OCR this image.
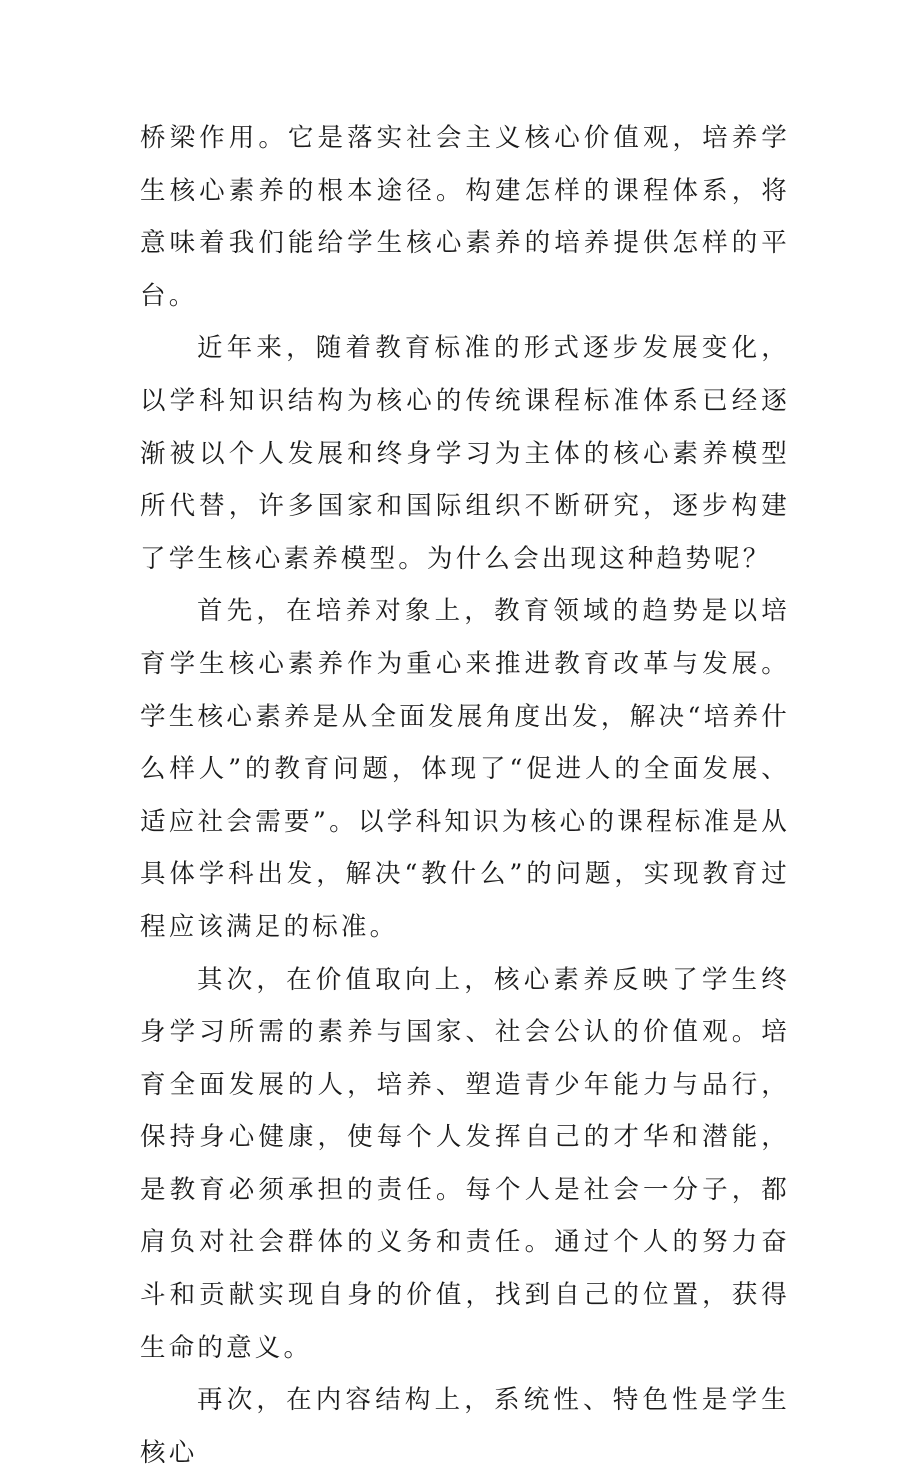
桥梁作用。它是落实社会主义核心价值观，培养学生核心素养的根本途径。构建怎样的课程体系，将意味着我们能给学生核心素养的培养提供怎样的平台。

近年来，随着教育标准的形式逐步发展变化，以学科知识结构为核心的传统课程标准体系已经逐渐被以个人发展和终身学习为主体的核心素养模型所代替，许多国家和国际组织不断研究，逐步构建了学生核心素养模型。为什么会出现这种趋势呢？

首先，在培养对象上，教育领域的趋势是以培育学生核心素养作为重心来推进教育改革与发展。学生核心素养是从全面发展角度出发，解决“培养什么样人”的教育问题，体现了“促进人的全面发展、适应社会需要”。以学科知识为核心的课程标准是从具体学科出发，解决“教什么”的问题，实现教育过程应该满足的标准。

其次，在价值取向上，核心素养反映了学生终身学习所需的素养与国家、社会公认的价值观。培育全面发展的人，培养、塑造青少年能力与品行，保持身心健康，使每个人发挥自己的才华和潜能，是教育必须承担的责任。每个人是社会一分子，都肩负对社会群体的义务和责任。通过个人的努力奋斗和贡献实现自身的价值，找到自己的位置，获得生命的意义。

再次，在内容结构上，系统性、特色性是学生核心
